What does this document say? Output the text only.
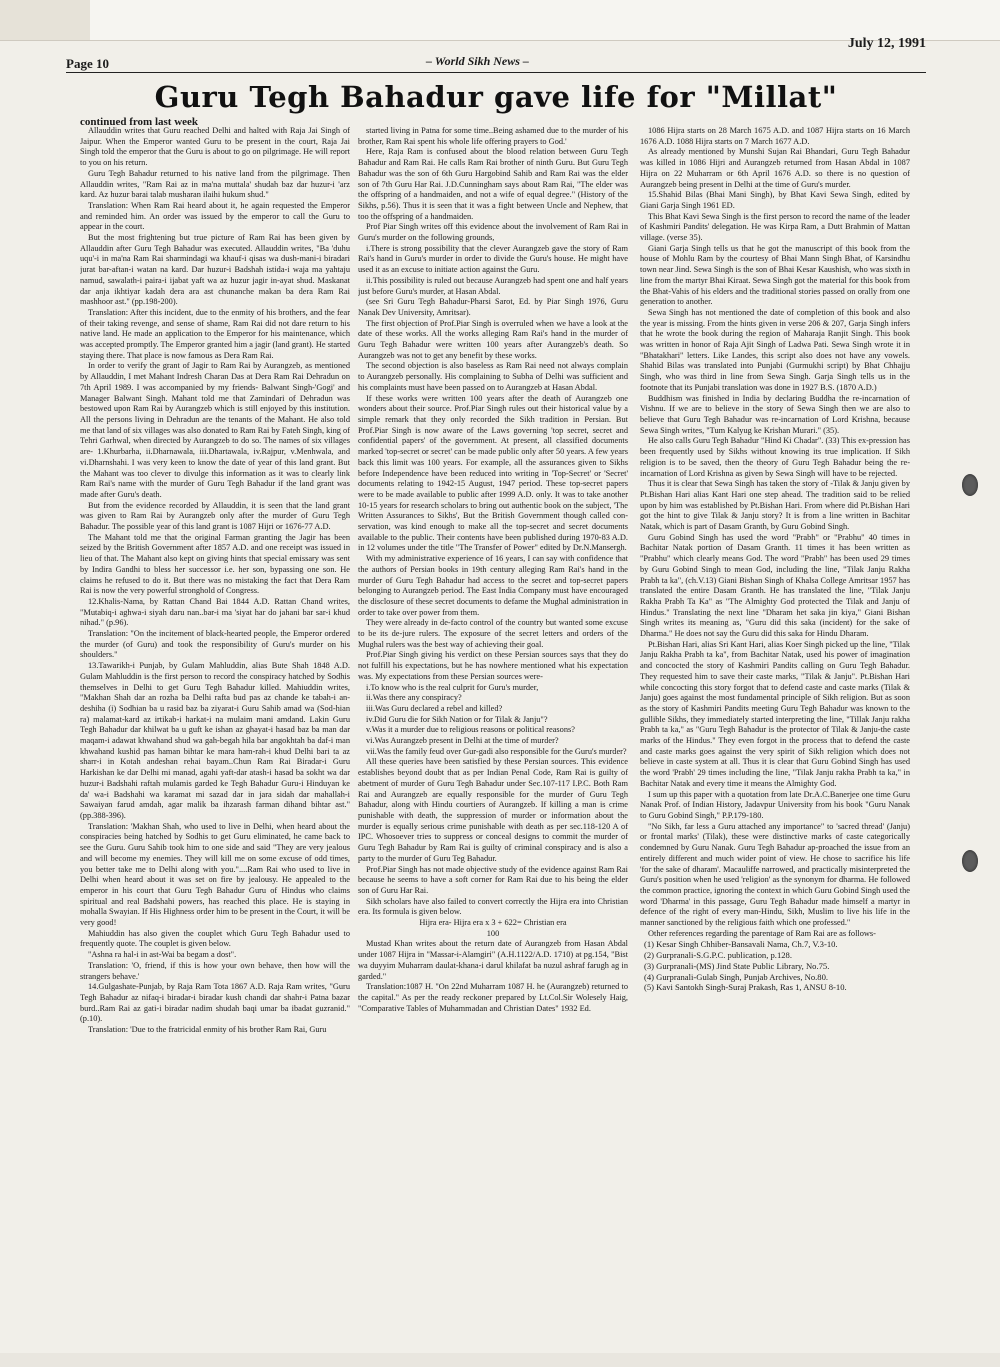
July 12, 1991
Page 10	– World Sikh News –
Guru Tegh Bahadur gave life for "Millat"
continued from last week

Allauddin writes that Guru reached Delhi and halted with Raja Jai Singh of Jaipur. When the Emperor wanted Guru to be present in the court, Raja Jai Singh told the emperor that the Guru is about to go on pilgrimage. He will report to you on his return.

Guru Tegh Bahadur returned to his native land from the pilgrimage. Then Allauddin writes, "Ram Rai az in ma'na muttala' shudah baz dar huzur-i 'arz kard. Az huzur barai talab musharan ilaihi hukum shud."

Translation: When Ram Rai heard about it, he again requested the Emperor and reminded him. An order was issued by the emperor to call the Guru to appear in the court.

But the most frightening but true picture of Ram Rai has been given by Allauddin after Guru Tegh Bahadur was executed. Allauddin writes, "Ba 'duhu uqu'-i in ma'na Ram Rai sharmindagi wa khauf-i qisas wa dush-mani-i biradari jurat bar-aftan-i watan na kard. Dar huzur-i Badshah istida-i waja ma yahtaju namud, sawalath-i paira-i ijabat yaft wa az huzur jagir in-ayat shud. Maskanat dar anja ikhtiyar kadah dera ara ast chunanche makan ba dera Ram Rai mashhoor ast." (pp.198-200).

Translation: After this incident, due to the enmity of his brothers, and the fear of their taking revenge, and sense of shame, Ram Rai did not dare return to his native land. He made an application to the Emperor for his maintenance, which was accepted promptly. The Emperor granted him a jagir (land grant). He started staying there. That place is now famous as Dera Ram Rai.

In order to verify the grant of Jagir to Ram Rai by Aurangzeb, as mentioned by Allauddin, I met Mahant Indresh Charan Das at Dera Ram Rai Dehradun on 7th April 1989. I was accompanied by my friends- Balwant Singh-'Gogi' and Manager Balwant Singh. Mahant told me that Zamindari of Dehradun was bestowed upon Ram Rai by Aurangzeb which is still enjoyed by this institution. All the persons living in Dehradun are the tenants of the Mahant. He also told me that land of six villages was also donated to Ram Rai by Fateh Singh, king of Tehri Garhwal, when directed by Aurangzeb to do so. The names of six villages are- 1.Khurbarha, ii.Dharnawala, iii.Dhartawala, iv.Rajpur, v.Menhwala, and vi.Dharnshahi. I was very keen to know the date of year of this land grant. But the Mahant was too clever to divulge this information as it was to clearly link Ram Rai's name with the murder of Guru Tegh Bahadur if the land grant was made after Guru's death.

But from the evidence recorded by Allauddin, it is seen that the land grant was given to Ram Rai by Aurangzeb only after the murder of Guru Tegh Bahadur. The possible year of this land grant is 1087 Hijri or 1676-77 A.D.

The Mahant told me that the original Farman granting the Jagir has been seized by the British Government after 1857 A.D. and one receipt was issued in lieu of that. The Mahant also kept on giving hints that special emissary was sent by Indira Gandhi to bless her successor i.e. her son, bypassing one son. He claims he refused to do it. But there was no mistaking the fact that Dera Ram Rai is now the very powerful stronghold of Congress.

12.Khalis-Nama, by Rattan Chand Bai 1844 A.D. Rattan Chand writes, "Mutabiq-i aghwa-i siyah daru nan..bar-i ma 'siyat har do jahani bar sar-i khud nihad." (p.96).

Translation: "On the incitement of black-hearted people, the Emperor ordered the murder (of Guru) and took the responsibility of Guru's murder on his shoulders."

13.Tawarikh-i Punjab, by Gulam Mahluddin, alias Bute Shah 1848 A.D. Gulam Mahluddin is the first person to record the conspiracy hatched by Sodhis themselves in Delhi to get Guru Tegh Bahadur killed. Mahiuddin writes, "Makhan Shah dar an rozha ba Delhi rafta bud pas az chande ke tabah-i an-deshiha (i) Sodhian ba u rasid baz ba ziyarat-i Guru Sahib amad wa (Sod-hian ra) malamat-kard az irtikab-i harkat-i na mulaim mani amdand. Lakin Guru Tegh Bahadur dar khilwat ba u guft ke ishan az ghayat-i hasad baz ba man dar maqam-i adawat khwahand shud wa gah-begah hila bar angokhtah ba daf-i man khwahand kushid pas haman bihtar ke mara ham-rah-i khud Delhi bari ta az sharr-i in Kotah andeshan rehai bayam..Chun Ram Rai Biradar-i Guru Harkishan ke dar Delhi mi manad, agahi yaft-dar atash-i hasad ba sokht wa dar huzur-i Badshahi raftah mulamis garded ke Tegh Bahadur Guru-i Hinduyan ke da' wa-i Badshahi wa karamat mi sazad dar in jara sidah dar mahallah-i Sawaiyan farud amdah, agar malik ba ihzarash farman dihand bihtar ast." (pp.388-396).

Translation: 'Makhan Shah, who used to live in Delhi, when heard about the conspiracies being hatched by Sodhis to get Guru eliminated, he came back to see the Guru. Guru Sahib took him to one side and said "They are very jealous and will become my enemies. They will kill me on some excuse of odd times, you better take me to Delhi along with you."....Ram Rai who used to live in Delhi when heard about it was set on fire by jealousy. He appealed to the emperor in his court that Guru Tegh Bahadur Guru of Hindus who claims spiritual and real Badshahi powers, has reached this place. He is staying in mohalla Swayian. If His Highness order him to be present in the Court, it will be very good!

Mahiuddin has also given the couplet which Guru Tegh Bahadur used to frequently quote. The couplet is given below.

"Ashna ra hal-i in ast-Wai ba begam a dost".

Translation: 'O, friend, if this is how your own behave, then how will the strangers behave.'

14.Gulgashate-Punjab, by Raja Ram Tota 1867 A.D. Raja Ram writes, "Guru Tegh Bahadur az nifaq-i biradar-i biradar kush chandi dar shahr-i Patna bazar burd..Ram Rai az gati-i biradar nadim shudah baqi umar ba ibadat guzranid." (p.10).

Translation: 'Due to the fratricidal enmity of his brother Ram Rai, Guru

started living in Patna for some time..Being ashamed due to the murder of his brother, Ram Rai spent his whole life offering prayers to God.'

Here, Raja Ram is confused about the blood relation between Guru Tegh Bahadur and Ram Rai. He calls Ram Rai brother of ninth Guru. But Guru Tegh Bahadur was the son of 6th Guru Hargobind Sahib and Ram Rai was the elder son of 7th Guru Har Rai. J.D.Cunningham says about Ram Rai, "The elder was the offspring of a handmaiden, and not a wife of equal degree." (History of the Sikhs, p.56). Thus it is seen that it was a fight between Uncle and Nephew, that too the offspring of a handmaiden.

Prof Piar Singh writes off this evidence about the involvement of Ram Rai in Guru's murder on the following grounds,

i.There is strong possibility that the clever Aurangzeb gave the story of Ram Rai's hand in Guru's murder in order to divide the Guru's house. He might have used it as an excuse to initiate action against the Guru.

ii.This possibility is ruled out because Aurangzeb had spent one and half years just before Guru's murder, at Hasan Abdal.

(see Sri Guru Tegh Bahadur-Pharsi Sarot, Ed. by Piar Singh 1976, Guru Nanak Dev University, Amritsar).

The first objection of Prof.Piar Singh is overruled when we have a look at the date of these works. All the works alleging Ram Rai's hand in the murder of Guru Tegh Bahadur were written 100 years after Aurangzeb's death. So Aurangzeb was not to get any benefit by these works.

The second objection is also baseless as Ram Rai need not always complain to Aurangzeb personally. His complaining to Subha of Delhi was sufficient and his complaints must have been passed on to Aurangzeb at Hasan Abdal.

If these works were written 100 years after the death of Aurangzeb one wonders about their source. Prof.Piar Singh rules out their historical value by a simple remark that they only recorded the Sikh tradition in Persian. But Prof.Piar Singh is now aware of the Laws governing 'top secret, secret and confidential papers' of the government. At present, all classified documents marked 'top-secret or secret' can be made public only after 50 years. A few years back this limit was 100 years. For example, all the assurances given to Sikhs before Independence have been reduced into writing in 'Top-Secret' or 'Secret' documents relating to 1942-15 August, 1947 period. These top-secret papers were to be made available to public after 1999 A.D. only. It was to take another 10-15 years for research scholars to bring out authentic book on the subject, 'The Written Assurances to Sikhs', But the British Government though called con-servation, was kind enough to make all the top-secret and secret documents available to the public. Their contents have been published during 1970-83 A.D. in 12 volumes under the title "The Transfer of Power" edited by Dr.N.Mansergh.

With my administrative experience of 16 years, I can say with confidence that the authors of Persian books in 19th century alleging Ram Rai's hand in the murder of Guru Tegh Bahadur had access to the secret and top-secret papers belonging to Aurangzeb period. The East India Company must have encouraged the disclosure of these secret documents to defame the Mughal administration in order to take over power from them.

They were already in de-facto control of the country but wanted some excuse to be its de-jure rulers. The exposure of the secret letters and orders of the Mughal rulers was the best way of achieving their goal.

Prof.Piar Singh giving his verdict on these Persian sources says that they do not fulfill his expectations, but he has nowhere mentioned what his expectation was. My expectations from these Persian sources were-

i.To know who is the real culprit for Guru's murder,

ii.Was there any conspiracy?

iii.Was Guru declared a rebel and killed?

iv.Did Guru die for Sikh Nation or for Tilak & Janju"?

v.Was it a murder due to religious reasons or political reasons?

vi.Was Aurangzeb present in Delhi at the time of murder?

vii.Was the family feud over Gur-gadi also responsible for the Guru's murder?

All these queries have been satisfied by these Persian sources. This evidence establishes beyond doubt that as per Indian Penal Code, Ram Rai is guilty of abetment of murder of Guru Tegh Bahadur under Sec.107-117 I.P.C. Both Ram Rai and Aurangzeb are equally responsible for the murder of Guru Tegh Bahadur, along with Hindu courtiers of Aurangzeb. If killing a man is crime punishable with death, the suppression of murder or information about the murder is equally serious crime punishable with death as per sec.118-120 A of IPC. Whosoever tries to suppress or conceal designs to commit the murder of Guru Tegh Bahadur by Ram Rai is guilty of criminal conspiracy and is also a party to the murder of Guru Teg Bahadur.

Prof.Piar Singh has not made objective study of the evidence against Ram Rai because he seems to have a soft corner for Ram Rai due to his being the elder son of Guru Har Rai.

Sikh scholars have also failed to convert correctly the Hijra era into Christian era. Its formula is given below.

Hijra era- Hijra era x 3 + 622= Christian era

100

Mustad Khan writes about the return date of Aurangzeb from Hasan Abdal under 1087 Hijra in "Massar-i-Alamgiri" (A.H.1122/A.D. 1710) at pg.154, "Bist wa duyyim Muharram daulat-khana-i darul khilafat ba nuzul ashraf farugh ag in garded."

Translation:1087 H. "On 22nd Muharram 1087 H. he (Aurangzeb) returned to the capital." As per the ready reckoner prepared by Lt.Col.Sir Wolesely Haig, "Comparative Tables of Muhammadan and Christian Dates" 1932 Ed.

1086 Hijra starts on 28 March 1675 A.D. and 1087 Hijra starts on 16 March 1676 A.D. 1088 Hijra starts on 7 March 1677 A.D.

As already mentioned by Munshi Sujan Rai Bhandari, Guru Tegh Bahadur was killed in 1086 Hijri and Aurangzeb returned from Hasan Abdal in 1087 Hijra on 22 Muharram or 6th April 1676 A.D. so there is no question of Aurangzeb being present in Delhi at the time of Guru's murder.

15.Shahid Bilas (Bhai Mani Singh), by Bhat Kavi Sewa Singh, edited by Giani Garja Singh 1961 ED.

This Bhat Kavi Sewa Singh is the first person to record the name of the leader of Kashmiri Pandits' delegation. He was Kirpa Ram, a Dutt Brahmin of Mattan village. (verse 35).

Giani Garja Singh tells us that he got the manuscript of this book from the house of Mohlu Ram by the courtesy of Bhai Mann Singh Bhat, of Karsindhu town near Jind. Sewa Singh is the son of Bhai Kesar Kaushish, who was sixth in line from the martyr Bhai Kiraat. Sewa Singh got the material for this book from the Bhat-Vahis of his elders and the traditional stories passed on orally from one generation to another.

Sewa Singh has not mentioned the date of completion of this book and also the year is missing. From the hints given in verse 206 & 207, Garja Singh infers that he wrote the book during the region of Maharaja Ranjit Singh. This book was written in honor of Raja Ajit Singh of Ladwa Pati. Sewa Singh wrote it in "Bhatakhari" letters. Like Landes, this script also does not have any vowels. Shahid Bilas was translated into Punjabi (Gurmukhi script) by Bhat Chhajju Singh, who was third in line from Sewa Singh. Garja Singh tells us in the footnote that its Punjabi translation was done in 1927 B.S. (1870 A.D.)

Buddhism was finished in India by declaring Buddha the re-incarnation of Vishnu. If we are to believe in the story of Sewa Singh then we are also to believe that Guru Tegh Bahadur was re-incarnation of Lord Krishna, because Sewa Singh writes, "Tum Kalyug ke Krishan Murari." (35).

He also calls Guru Tegh Bahadur "Hind Ki Chadar". (33) This ex-pression has been frequently used by Sikhs without knowing its true implication. If Sikh religion is to be saved, then the theory of Guru Tegh Bahadur being the re-incarnation of Lord Krishna as given by Sewa Singh will have to be rejected.

Thus it is clear that Sewa Singh has taken the story of -Tilak & Janju given by Pt.Bishan Hari alias Kant Hari one step ahead. The tradition said to be relied upon by him was established by Pt.Bishan Hari. From where did Pt.Bishan Hari got the hint to give Tilak & Janju story? It is from a line written in Bachitar Natak, which is part of Dasam Granth, by Guru Gobind Singh.

Guru Gobind Singh has used the word "Prabh" or "Prabhu" 40 times in Bachitar Natak portion of Dasam Granth. 11 times it has been written as "Prabhu" which clearly means God. The word "Prabh" has been used 29 times by Guru Gobind Singh to mean God, including the line, "Tilak Janju Rakha Prabh ta ka", (ch.V.13) Giani Bishan Singh of Khalsa College Amritsar 1957 has translated the entire Dasam Granth. He has translated the line, "Tilak Janju Rakha Prabh Ta Ka" as "The Almighty God protected the Tilak and Janju of Hindus." Translating the next line "Dharam het saka jin kiya," Giani Bishan Singh writes its meaning as, "Guru did this saka (incident) for the sake of Dharma." He does not say the Guru did this saka for Hindu Dharam.

Pt.Bishan Hari, alias Sri Kant Hari, alias Koer Singh picked up the line, "Tilak Janju Rakha Prabh ta ka", from Bachitar Natak, used his power of imagination and concocted the story of Kashmiri Pandits calling on Guru Tegh Bahadur. They requested him to save their caste marks, "Tilak & Janju". Pt.Bishan Hari while concocting this story forgot that to defend caste and caste marks (Tilak & Janju) goes against the most fundamental principle of Sikh religion. But as soon as the story of Kashmiri Pandits meeting Guru Tegh Bahadur was known to the gullible Sikhs, they immediately started interpreting the line, "Tillak Janju rakha Prabh ta ka," as "Guru Tegh Bahadur is the protector of Tilak & Janju-the caste marks of the Hindus." They even forgot in the process that to defend the caste and caste marks goes against the very spirit of Sikh religion which does not believe in caste system at all. Thus it is clear that Guru Gobind Singh has used the word 'Prabh' 29 times including the line, "Tilak Janju rakha Prabh ta ka," in Bachitar Natak and every time it means the Almighty God.

I sum up this paper with a quotation from late Dr.A.C.Banerjee one time Guru Nanak Prof. of Indian History, Jadavpur University from his book "Guru Nanak to Guru Gobind Singh," P.P.179-180.

"No Sikh, far less a Guru attached any importance" to 'sacred thread' (Janju) or frontal marks' (Tilak), these were distinctive marks of caste categorically condemned by Guru Nanak. Guru Tegh Bahadur ap-proached the issue from an entirely different and much wider point of view. He chose to sacrifice his life 'for the sake of dharam'. Macauliffe narrowed, and practically misinterpreted the Guru's position when he used 'religion' as the synonym for dharma. He followed the common practice, ignoring the context in which Guru Gobind Singh used the word 'Dharma' in this passage, Guru Tegh Bahadur made himself a martyr in defence of the right of every man-Hindu, Sikh, Muslim to live his life in the manner sanctioned by the religious faith which one professed."

Other references regarding the parentage of Ram Rai are as follows-

(1) Kesar Singh Chhiber-Bansavali Nama, Ch.7, V.3-10.

(2) Gurpranali-S.G.P.C. publication, p.128.

(3) Gurpranali-(MS) Jind State Public Library, No.75.

(4) Gurpranali-Gulab Singh, Punjab Archives, No.80.

(5) Kavi Santokh Singh-Suraj Prakash, Ras 1, ANSU 8-10.
